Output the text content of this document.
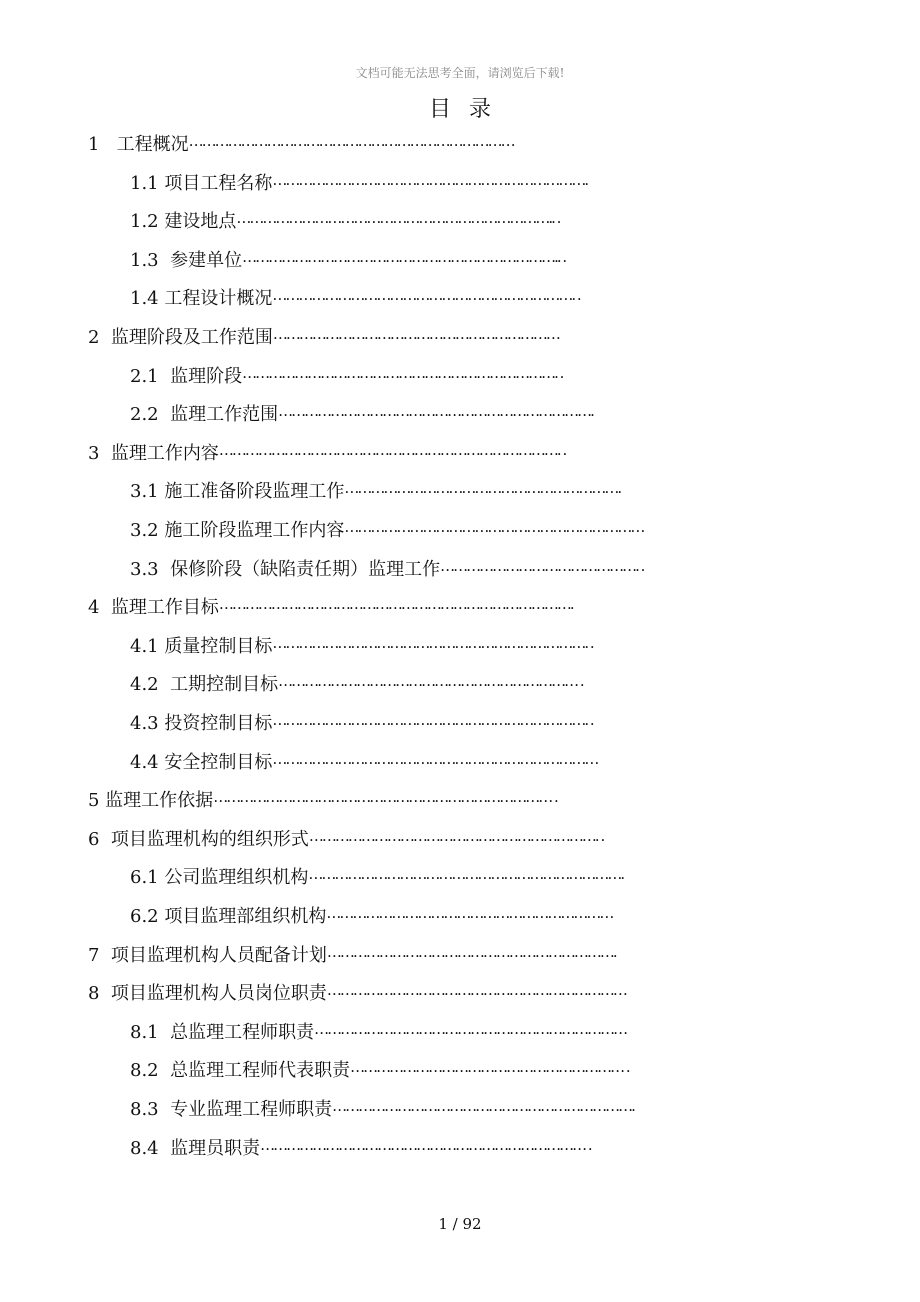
文档可能无法思考全面，请浏览后下载!
目录
1   工程概况…………………………………………………………………
1.1 项目工程名称……………………………………………………………….
1.2 建设地点……………………………………………………………….. .
1.3  参建单位……………………………………………………………….. .
1.4 工程设计概况……………………………………………………………. .
2  监理阶段及工作范围…………………………………………………………
2.1  监理阶段………………………………………………………………. .
2.2  监理工作范围……………………………………………………………….
3  监理工作内容……………………………………………………………………. .
3.1 施工准备阶段监理工作……………………………………………………….
3.2 施工阶段监理工作内容……………………………………………………………
3.3  保修阶段（缺陷责任期）监理工作………………………………………. .
4  监理工作目标……………………………………………………………………….
4.1 质量控制目标………………………………………………………………. .
4.2  工期控制目标…………………………………………………………… .
4.3 投资控制目标………………………………………………………………. .
4.4 安全控制目标…………………………………………………………………
5 监理工作依据…………………………………………………………………… .
6  项目监理机构的组织形式…………………………………………………………. .
6.1 公司监理组织机构……………………………………………………………….
6.2 项目监理部组织机构…………………………………………………………
7  项目监理机构人员配备计划………………………………………………………….
8  项目监理机构人员岗位职责……………………………………………………………
8.1  总监理工程师职责………………………………………………………………
8.2  总监理工程师代表职责……………………………………………………… .
8.3  专业监理工程师职责…………………………………………………………….
8.4  监理员职责………………………………………………………………… .
1 / 92
